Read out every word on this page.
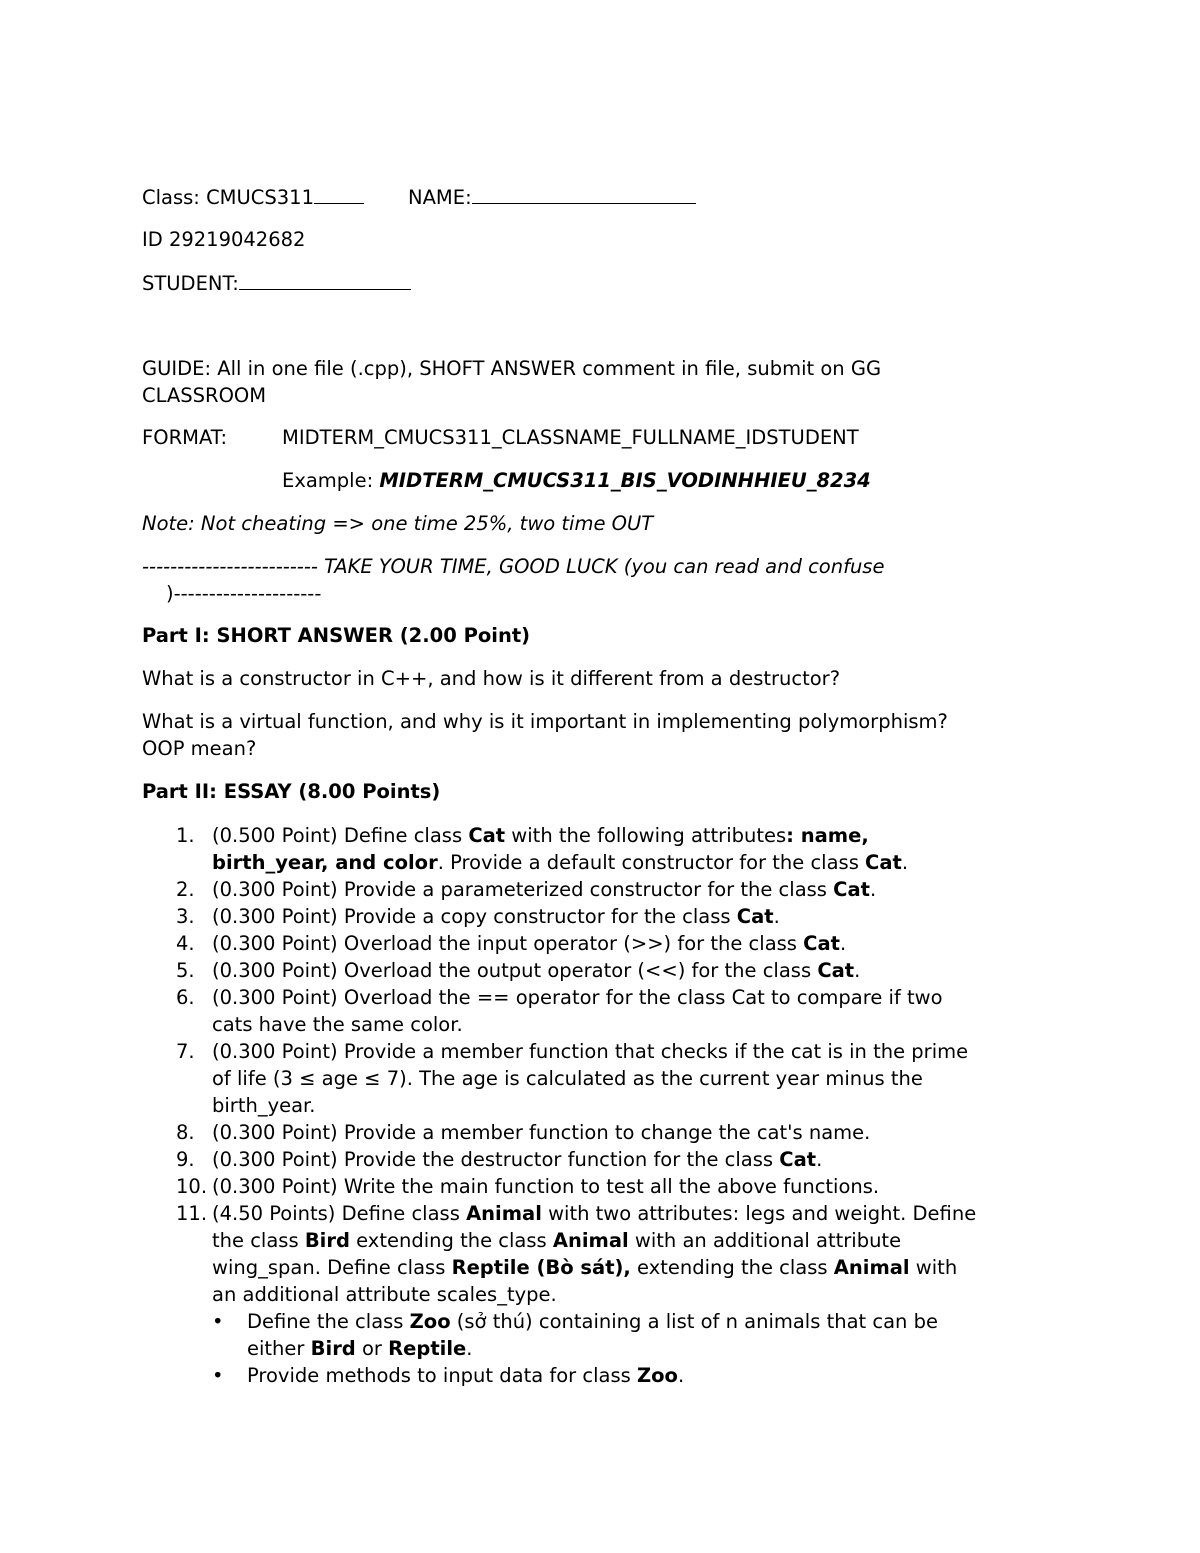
Class: CMUCS311	NAME:
ID 29219042682
STUDENT:
GUIDE: All in one file (.cpp), SHOFT ANSWER comment in file, submit on GG CLASSROOM
FORMAT:	MIDTERM_CMUCS311_CLASSNAME_FULLNAME_IDSTUDENT
Example: MIDTERM_CMUCS311_BIS_VODINHHIEU_8234
Note: Not cheating => one time 25%, two time OUT
------------------------- TAKE YOUR TIME, GOOD LUCK (you can read and confuse
)---------------------
Part I: SHORT ANSWER (2.00 Point)
What is a constructor in C++, and how is it different from a destructor?
What is a virtual function, and why is it important in implementing polymorphism?
OOP mean?
Part II: ESSAY (8.00 Points)
1. (0.500 Point) Define class Cat with the following attributes: name,
birth_year, and color. Provide a default constructor for the class Cat.
2. (0.300 Point) Provide a parameterized constructor for the class Cat.
3. (0.300 Point) Provide a copy constructor for the class Cat.
4. (0.300 Point) Overload the input operator (>>) for the class Cat.
5. (0.300 Point) Overload the output operator (<<) for the class Cat.
6. (0.300 Point) Overload the == operator for the class Cat to compare if two
cats have the same color.
7. (0.300 Point) Provide a member function that checks if the cat is in the prime
of life (3 ≤ age ≤ 7). The age is calculated as the current year minus the
birth_year.
8. (0.300 Point) Provide a member function to change the cat's name.
9. (0.300 Point) Provide the destructor function for the class Cat.
10. (0.300 Point) Write the main function to test all the above functions.
11. (4.50 Points) Define class Animal with two attributes: legs and weight. Define
the class Bird extending the class Animal with an additional attribute
wing_span. Define class Reptile (Bò sát), extending the class Animal with
an additional attribute scales_type.
• Define the class Zoo (sở thú) containing a list of n animals that can be
either Bird or Reptile.
• Provide methods to input data for class Zoo.
